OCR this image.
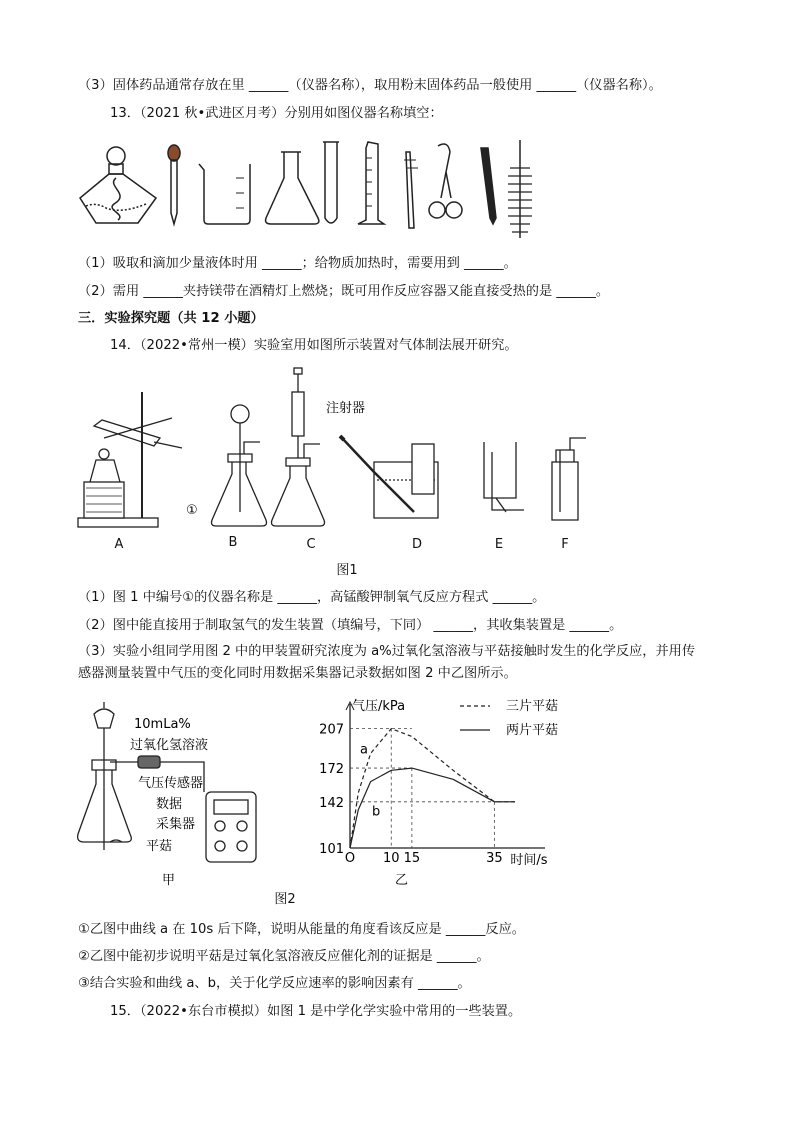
（3）固体药品通常存放在里 ______（仪器名称），取用粉末固体药品一般使用 ______（仪器名称）。
13．（2021 秋•武进区月考）分别用如图仪器名称填空：
（1）吸取和滴加少量液体时用 ______；给物质加热时，需要用到 ______。
（2）需用 ______夹持镁带在酒精灯上燃烧；既可用作反应容器又能直接受热的是 ______。
三．实验探究题（共 12 小题）
14．（2022•常州一模）实验室用如图所示装置对气体制法展开研究。
①
注射器
A	B	C	D	E	F
图1
（1）图 1 中编号①的仪器名称是 ______，高锰酸钾制氧气反应方程式 ______。
（2）图中能直接用于制取氢气的发生装置（填编号，下同） ______，其收集装置是 ______。
（3）实验小组同学用图 2 中的甲装置研究浓度为 a%过氧化氢溶液与平菇接触时发生的化学反应，并用传
感器测量装置中气压的变化同时用数据采集器记录数据如图 2 中乙图所示。
10mLa%
过氧化氢溶液
气压传感器
数据
采集器
平菇
甲
图2
101
142
172
207
O 10 15	35 时间/s
气压/kPa
a
三片平菇
b
两片平菇
乙
①乙图中曲线 a 在 10s 后下降，说明从能量的角度看该反应是 ______反应。
②乙图中能初步说明平菇是过氧化氢溶液反应催化剂的证据是 ______。
③结合实验和曲线 a、b，关于化学反应速率的影响因素有 ______。
15．（2022•东台市模拟）如图 1 是中学化学实验中常用的一些装置。
